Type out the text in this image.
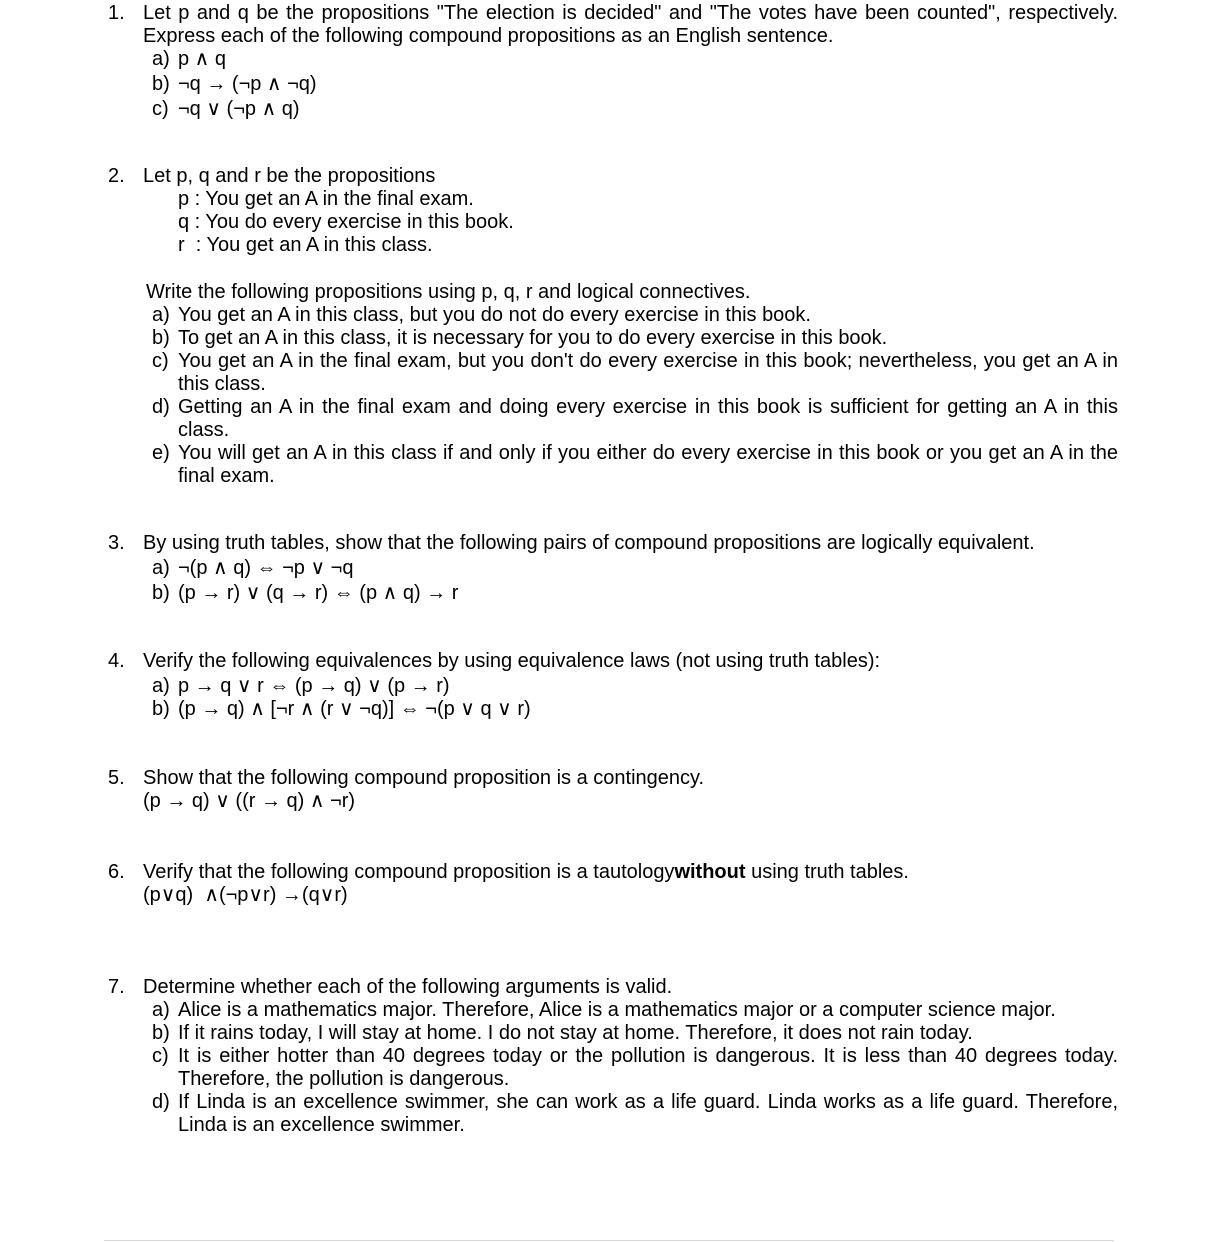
1. Let p and q be the propositions "The election is decided" and "The votes have been counted", respectively. Express each of the following compound propositions as an English sentence.
a) p ∧ q
b) ¬q → (¬p ∧ ¬q)
c) ¬q ∨ (¬p ∧ q)
2. Let p, q and r be the propositions
p : You get an A in the final exam.
q : You do every exercise in this book.
r  : You get an A in this class.
Write the following propositions using p, q, r and logical connectives.
a) You get an A in this class, but you do not do every exercise in this book.
b) To get an A in this class, it is necessary for you to do every exercise in this book.
c) You get an A in the final exam, but you don't do every exercise in this book; nevertheless, you get an A in this class.
d) Getting an A in the final exam and doing every exercise in this book is sufficient for getting an A in this class.
e) You will get an A in this class if and only if you either do every exercise in this book or you get an A in the final exam.
3. By using truth tables, show that the following pairs of compound propositions are logically equivalent.
a) ¬(p ∧ q) ⇔ ¬p ∨ ¬q
b) (p → r) ∨ (q → r) ⇔ (p ∧ q) → r
4. Verify the following equivalences by using equivalence laws (not using truth tables):
a) p → q ∨ r ⇔ (p → q) ∨ (p → r)
b) (p → q) ∧ [¬r ∧ (r ∨ ¬q)] ⇔ ¬(p ∨ q ∨ r)
5. Show that the following compound proposition is a contingency.
(p → q) ∨ ((r → q) ∧ ¬r)
6. Verify that the following compound proposition is a tautologywithout using truth tables.
(p∨q)  ∧(¬p∨r) →(q∨r)
7. Determine whether each of the following arguments is valid.
a) Alice is a mathematics major. Therefore, Alice is a mathematics major or a computer science major.
b) If it rains today, I will stay at home. I do not stay at home. Therefore, it does not rain today.
c) It is either hotter than 40 degrees today or the pollution is dangerous. It is less than 40 degrees today. Therefore, the pollution is dangerous.
d) If Linda is an excellence swimmer, she can work as a life guard. Linda works as a life guard. Therefore, Linda is an excellence swimmer.
